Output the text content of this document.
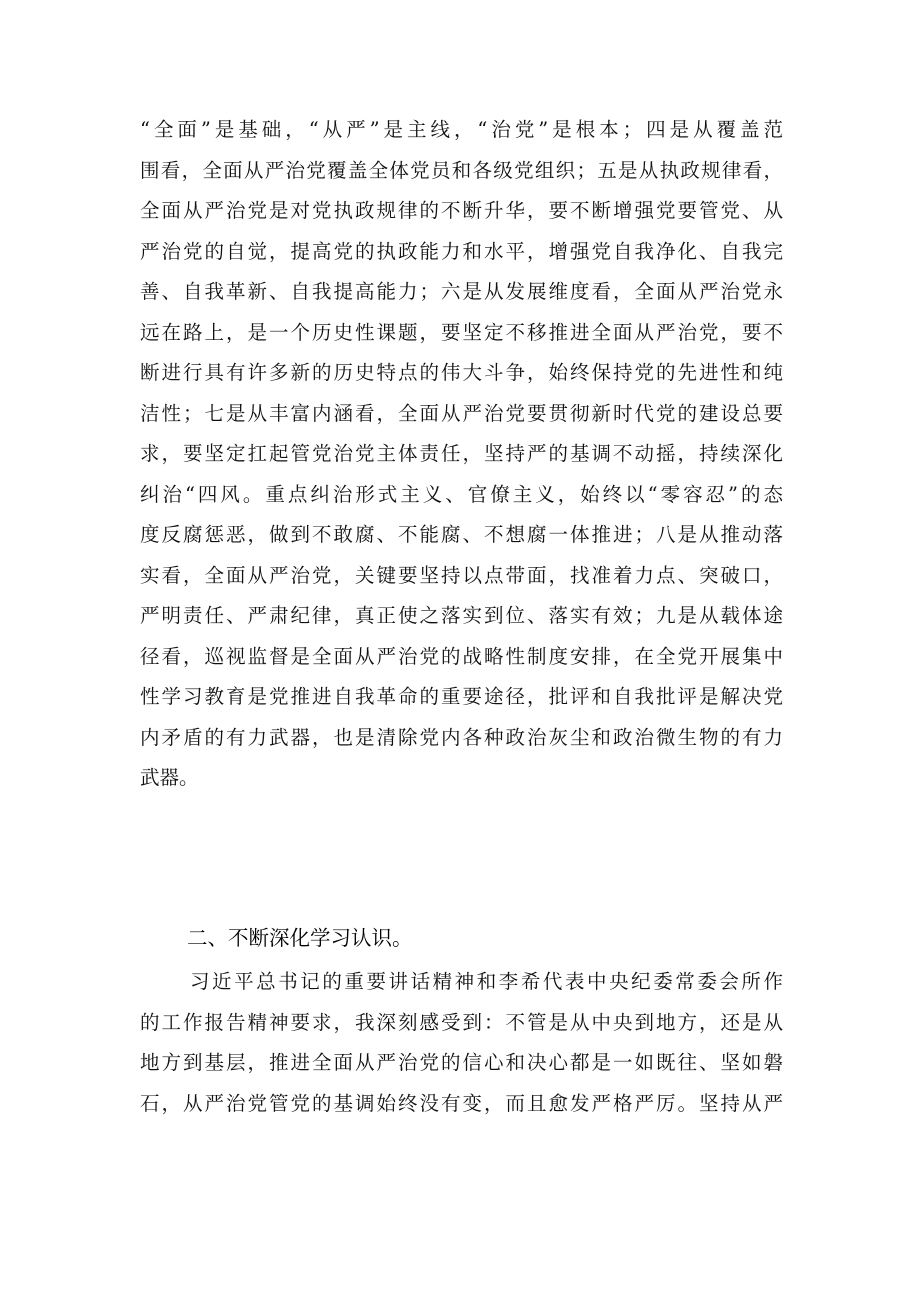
“全面”是基础，“从严”是主线，“治党”是根本；四是从覆盖范
围看，全面从严治党覆盖全体党员和各级党组织；五是从执政规律看，
全面从严治党是对党执政规律的不断升华，要不断增强党要管党、从
严治党的自觉，提高党的执政能力和水平，增强党自我净化、自我完
善、自我革新、自我提高能力；六是从发展维度看，全面从严治党永
远在路上，是一个历史性课题，要坚定不移推进全面从严治党，要不
断进行具有许多新的历史特点的伟大斗争，始终保持党的先进性和纯
洁性；七是从丰富内涵看，全面从严治党要贯彻新时代党的建设总要
求，要坚定扛起管党治党主体责任，坚持严的基调不动摇，持续深化
纠治“四风。重点纠治形式主义、官僚主义，始终以“零容忍”的态
度反腐惩恶，做到不敢腐、不能腐、不想腐一体推进；八是从推动落
实看，全面从严治党，关键要坚持以点带面，找准着力点、突破口，
严明责任、严肃纪律，真正使之落实到位、落实有效；九是从载体途
径看，巡视监督是全面从严治党的战略性制度安排，在全党开展集中
性学习教育是党推进自我革命的重要途径，批评和自我批评是解决党
内矛盾的有力武器，也是清除党内各种政治灰尘和政治微生物的有力
武器。
二、不断深化学习认识。
习近平总书记的重要讲话精神和李希代表中央纪委常委会所作
的工作报告精神要求，我深刻感受到：不管是从中央到地方，还是从
地方到基层，推进全面从严治党的信心和决心都是一如既往、坚如磐
石，从严治党管党的基调始终没有变，而且愈发严格严厉。坚持从严
